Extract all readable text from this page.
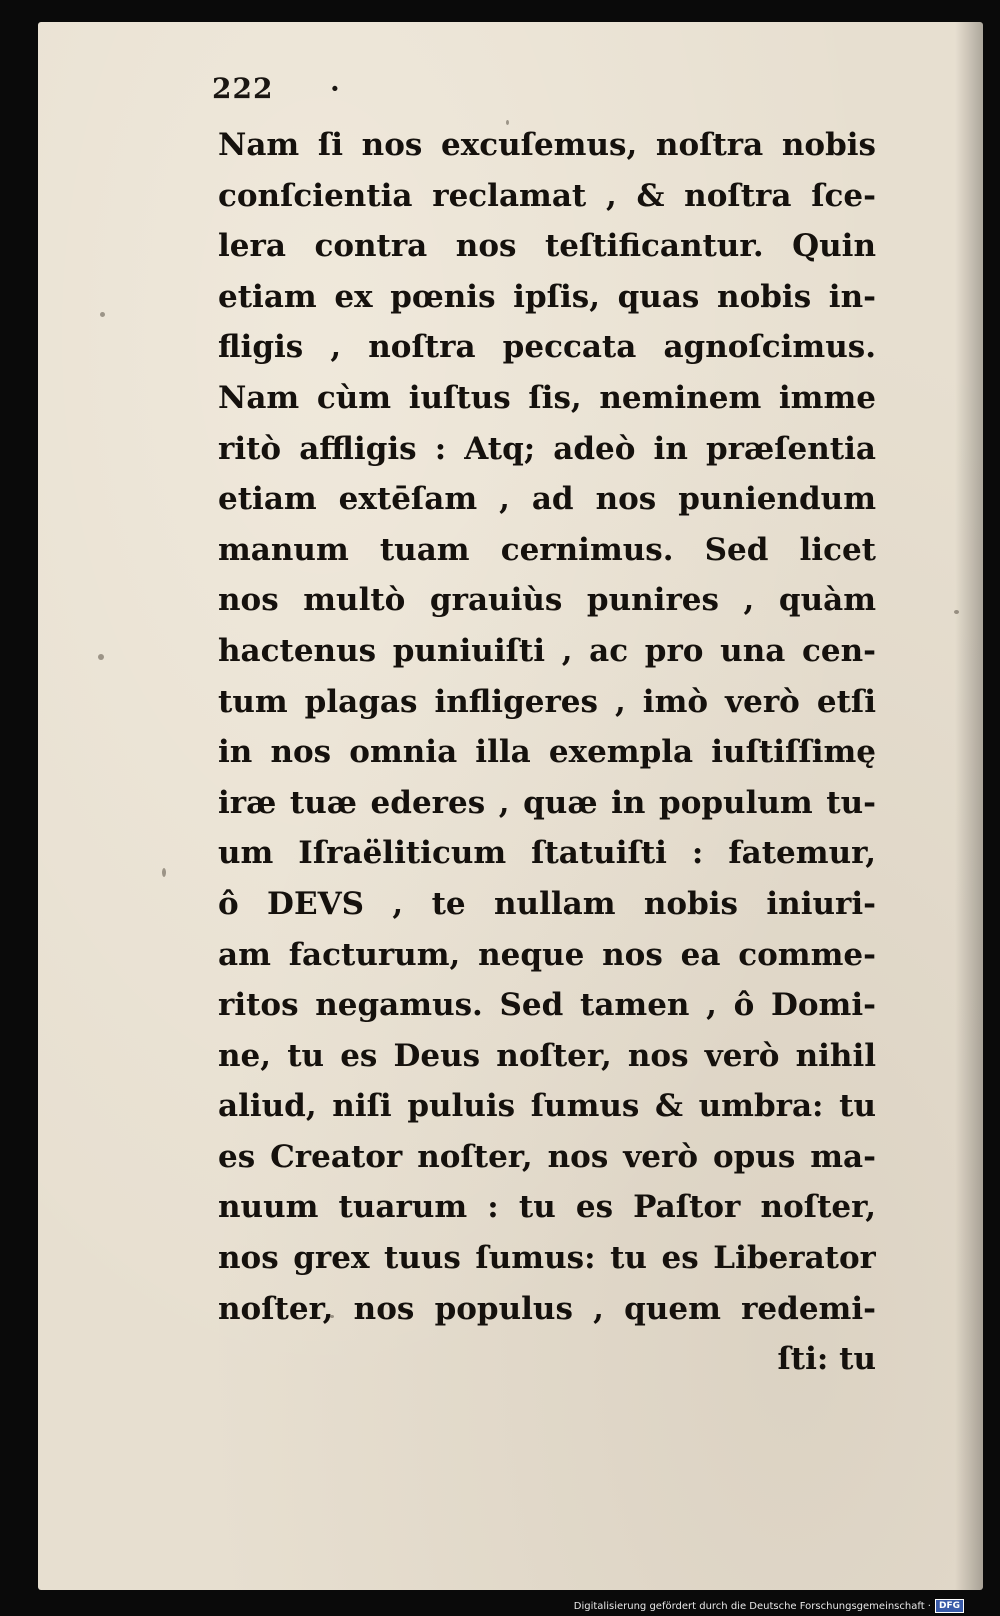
222 ·
Nam ſi nos excuſemus, noſtra nobis
conſcientia reclamat , & noſtra ſce-
lera contra nos teſtificantur. Quin
etiam ex pœnis ipſis, quas nobis in-
fligis , noſtra peccata agnoſcimus.
Nam cùm iuſtus ſis, neminem imme
ritò affligis : Atq; adeò in præſentia
etiam extēſam , ad nos puniendum
manum tuam cernimus. Sed licet
nos multò grauiùs punires , quàm
hactenus puniuiſti , ac pro una cen-
tum plagas infligeres , imò verò etſi
in nos omnia illa exempla iuſtiſſimę
iræ tuæ ederes , quæ in populum tu-
um Iſraëliticum ſtatuiſti : fatemur,
ô DEVS , te nullam nobis iniuri-
am facturum, neque nos ea comme-
ritos negamus. Sed tamen , ô Domi-
ne, tu es Deus noſter, nos verò nihil
aliud, niſi puluis ſumus & umbra: tu
es Creator noſter, nos verò opus ma-
nuum tuarum : tu es Paſtor noſter,
nos grex tuus ſumus: tu es Liberator
noſter, nos populus , quem redemi-
ſti: tu
Digitalisierung gefördert durch die Deutsche Forschungsgemeinschaft · DFG
